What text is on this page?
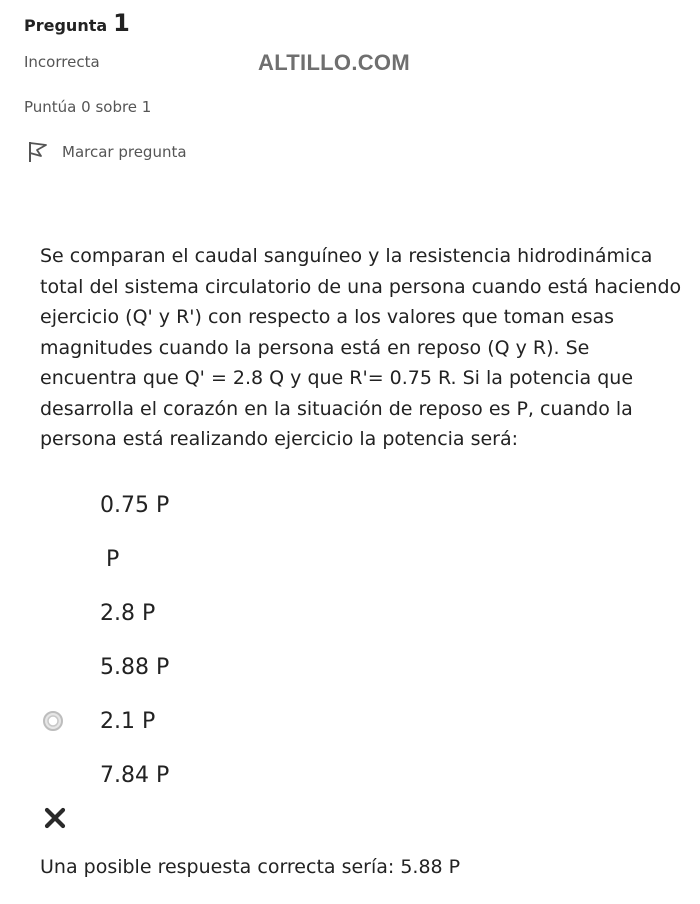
Pregunta 1
Incorrecta	ALTILLO.COM
Puntúa 0 sobre 1
Marcar pregunta
Se comparan el caudal sanguíneo y la resistencia hidrodinámica total del sistema circulatorio de una persona cuando está haciendo ejercicio (Q' y R') con respecto a los valores que toman esas magnitudes cuando la persona está en reposo (Q y R). Se encuentra que Q' = 2.8 Q y que R'= 0.75 R. Si la potencia que desarrolla el corazón en la situación de reposo es P, cuando la persona está realizando ejercicio la potencia será:
0.75 P
P
2.8 P
5.88 P
2.1 P
7.84 P
Una posible respuesta correcta sería: 5.88 P
